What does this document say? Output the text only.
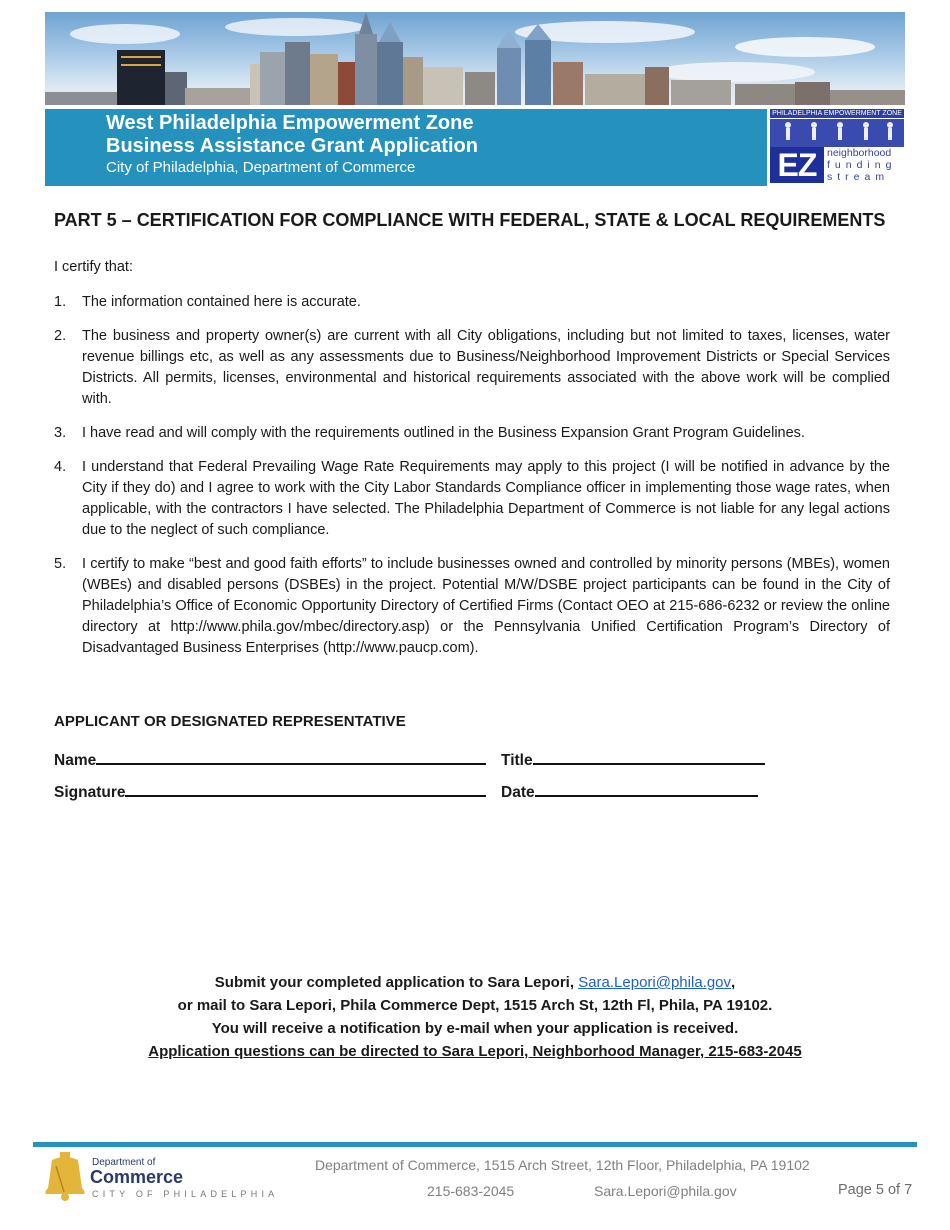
West Philadelphia Empowerment Zone
Business Assistance Grant Application
City of Philadelphia, Department of Commerce
PHILADELPHIA EMPOWERMENT ZONE
EZ	neighborhood
funding
stream
PART 5 – CERTIFICATION FOR COMPLIANCE WITH FEDERAL, STATE & LOCAL REQUIREMENTS
I certify that:
1. The information contained here is accurate.
2. The business and property owner(s) are current with all City obligations, including but not limited to taxes, licenses, water revenue billings etc, as well as any assessments due to Business/Neighborhood Improvement Districts or Special Services Districts. All permits, licenses, environmental and historical requirements associated with the above work will be complied with.
3. I have read and will comply with the requirements outlined in the Business Expansion Grant Program Guidelines.
4. I understand that Federal Prevailing Wage Rate Requirements may apply to this project (I will be notified in advance by the City if they do) and I agree to work with the City Labor Standards Compliance officer in implementing those wage rates, when applicable, with the contractors I have selected. The Philadelphia Department of Commerce is not liable for any legal actions due to the neglect of such compliance.
5. I certify to make “best and good faith efforts” to include businesses owned and controlled by minority persons (MBEs), women (WBEs) and disabled persons (DSBEs) in the project. Potential M/W/DSBE project participants can be found in the City of Philadelphia’s Office of Economic Opportunity Directory of Certified Firms (Contact OEO at 215-686-6232 or review the online directory at http://www.phila.gov/mbec/directory.asp) or the Pennsylvania Unified Certification Program’s Directory of Disadvantaged Business Enterprises (http://www.paucp.com).
APPLICANT OR DESIGNATED REPRESENTATIVE
Name	Title
Signature	Date
Submit your completed application to Sara Lepori, Sara.Lepori@phila.gov,
or mail to Sara Lepori, Phila Commerce Dept, 1515 Arch St, 12th Fl, Phila, PA 19102.
You will receive a notification by e-mail when your application is received.
Application questions can be directed to Sara Lepori, Neighborhood Manager, 215-683-2045
Department of
Commerce
CITY OF PHILADELPHIA
Department of Commerce, 1515 Arch Street, 12th Floor, Philadelphia, PA 19102
215-683-2045	Sara.Lepori@phila.gov	Page 5 of 7
